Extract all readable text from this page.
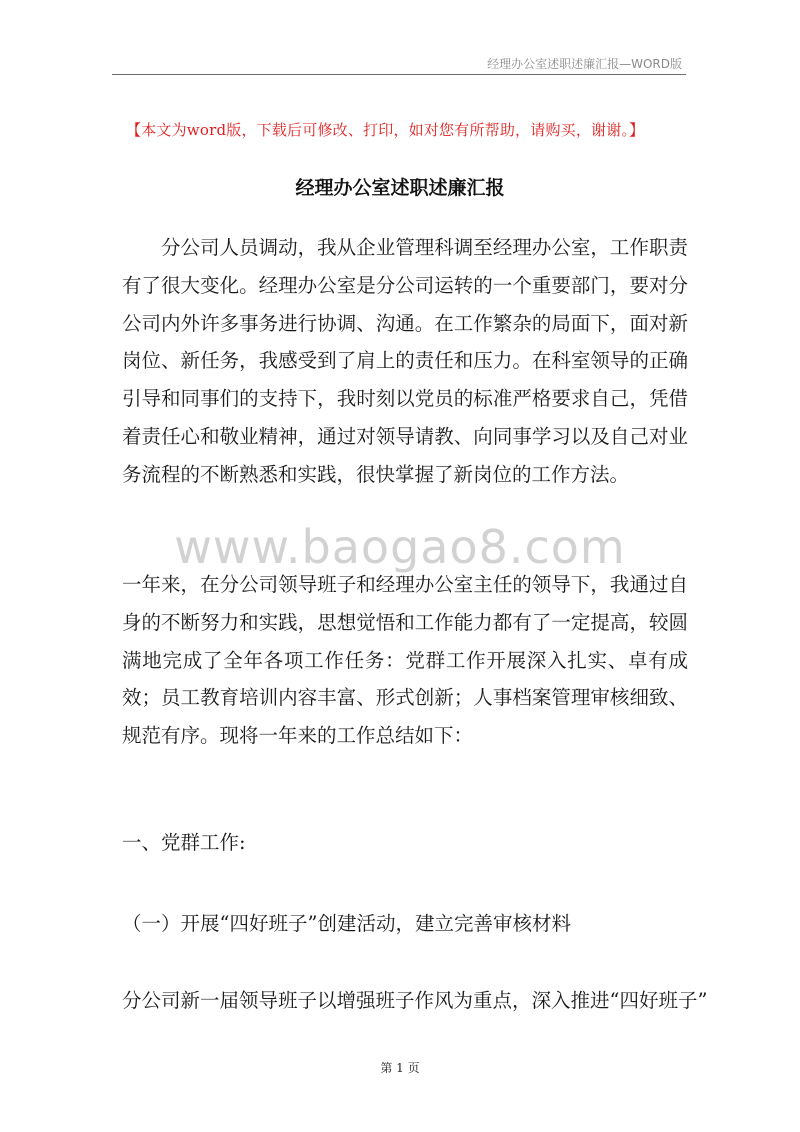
经理办公室述职述廉汇报—WORD版
【本文为word版，下载后可修改、打印，如对您有所帮助，请购买，谢谢。】
经理办公室述职述廉汇报

分公司人员调动，我从企业管理科调至经理办公室，工作职责有了很大变化。经理办公室是分公司运转的一个重要部门，要对分公司内外许多事务进行协调、沟通。在工作繁杂的局面下，面对新岗位、新任务，我感受到了肩上的责任和压力。在科室领导的正确引导和同事们的支持下，我时刻以党员的标准严格要求自己，凭借着责任心和敬业精神，通过对领导请教、向同事学习以及自己对业务流程的不断熟悉和实践，很快掌握了新岗位的工作方法。

www.baogao8.com

一年来，在分公司领导班子和经理办公室主任的领导下，我通过自身的不断努力和实践，思想觉悟和工作能力都有了一定提高，较圆满地完成了全年各项工作任务：党群工作开展深入扎实、卓有成效；员工教育培训内容丰富、形式创新；人事档案管理审核细致、规范有序。现将一年来的工作总结如下：

一、党群工作:
（一）开展“四好班子”创建活动，建立完善审核材料

分公司新一届领导班子以增强班子作风为重点，深入推进“四好班子”

第 1 页
